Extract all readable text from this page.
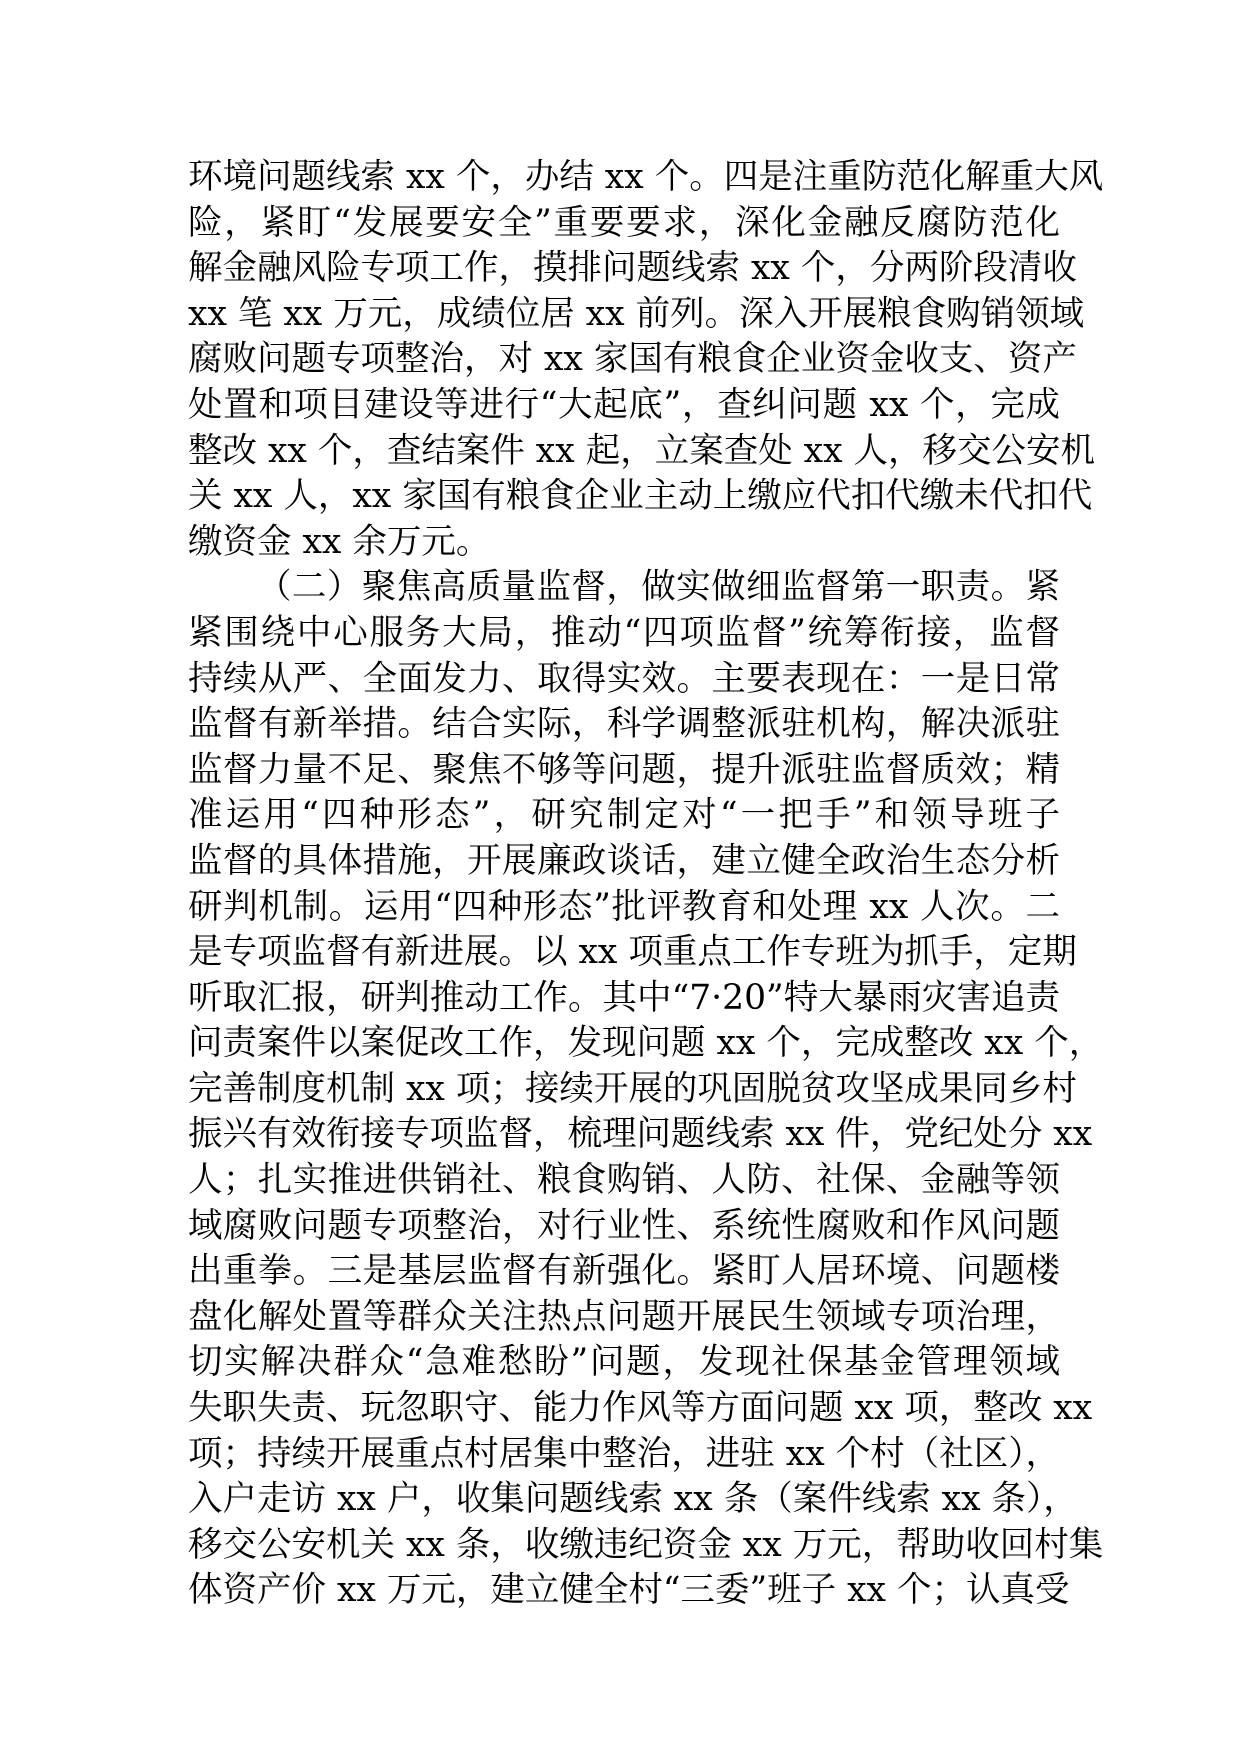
环境问题线索 xx 个，办结 xx 个。四是注重防范化解重大风
险，紧盯“发展要安全”重要要求，深化金融反腐防范化
解金融风险专项工作，摸排问题线索 xx 个，分两阶段清收
xx 笔 xx 万元，成绩位居 xx 前列。深入开展粮食购销领域
腐败问题专项整治，对 xx 家国有粮食企业资金收支、资产
处置和项目建设等进行“大起底”，查纠问题 xx 个，完成
整改 xx 个，查结案件 xx 起，立案查处 xx 人，移交公安机
关 xx 人，xx 家国有粮食企业主动上缴应代扣代缴未代扣代
缴资金 xx 余万元。
（二）聚焦高质量监督，做实做细监督第一职责。紧
紧围绕中心服务大局，推动“四项监督”统筹衔接，监督
持续从严、全面发力、取得实效。主要表现在：一是日常
监督有新举措。结合实际，科学调整派驻机构，解决派驻
监督力量不足、聚焦不够等问题，提升派驻监督质效；精
准运用“四种形态”，研究制定对“一把手”和领导班子
监督的具体措施，开展廉政谈话，建立健全政治生态分析
研判机制。运用“四种形态”批评教育和处理 xx 人次。二
是专项监督有新进展。以 xx 项重点工作专班为抓手，定期
听取汇报，研判推动工作。其中“7·20”特大暴雨灾害追责
问责案件以案促改工作，发现问题 xx 个，完成整改 xx 个，
完善制度机制 xx 项；接续开展的巩固脱贫攻坚成果同乡村
振兴有效衔接专项监督，梳理问题线索 xx 件，党纪处分 xx
人；扎实推进供销社、粮食购销、人防、社保、金融等领
域腐败问题专项整治，对行业性、系统性腐败和作风问题
出重拳。三是基层监督有新强化。紧盯人居环境、问题楼
盘化解处置等群众关注热点问题开展民生领域专项治理，
切实解决群众“急难愁盼”问题，发现社保基金管理领域
失职失责、玩忽职守、能力作风等方面问题 xx 项，整改 xx
项；持续开展重点村居集中整治，进驻 xx 个村（社区），
入户走访 xx 户，收集问题线索 xx 条（案件线索 xx 条），
移交公安机关 xx 条，收缴违纪资金 xx 万元，帮助收回村集
体资产价 xx 万元，建立健全村“三委”班子 xx 个；认真受
